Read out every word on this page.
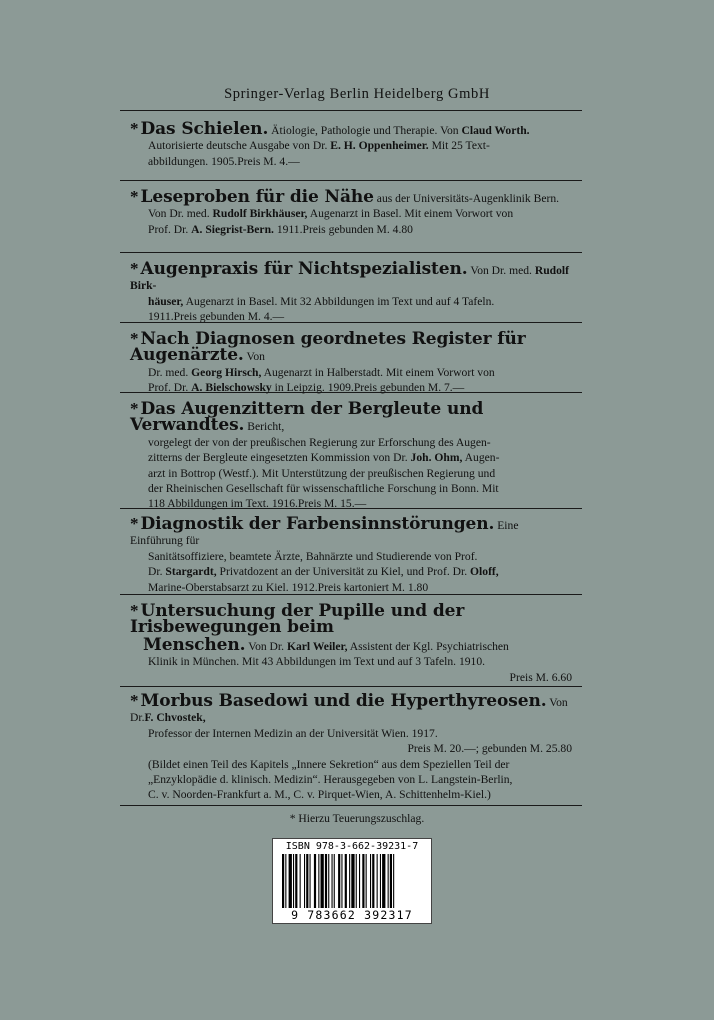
Springer-Verlag Berlin Heidelberg GmbH
* Das Schielen. Ätiologie, Pathologie und Therapie. Von Claud Worth.
Autorisierte deutsche Ausgabe von Dr. E. H. Oppenheimer. Mit 25 Text-
abbildungen. 1905.Preis M. 4.—
* Leseproben für die Nähe aus der Universitäts-Augenklinik Bern.
Von Dr. med. Rudolf Birkhäuser, Augenarzt in Basel. Mit einem Vorwort von
Prof. Dr. A. Siegrist-Bern. 1911.Preis gebunden M. 4.80
* Augenpraxis für Nichtspezialisten. Von Dr. med. Rudolf Birk-
häuser, Augenarzt in Basel. Mit 32 Abbildungen im Text und auf 4 Tafeln.
1911.Preis gebunden M. 4.—
* Nach Diagnosen geordnetes Register für Augenärzte. Von
Dr. med. Georg Hirsch, Augenarzt in Halberstadt. Mit einem Vorwort von
Prof. Dr. A. Bielschowsky in Leipzig. 1909.Preis gebunden M. 7.—
* Das Augenzittern der Bergleute und Verwandtes. Bericht,
vorgelegt der von der preußischen Regierung zur Erforschung des Augen-
zitterns der Bergleute eingesetzten Kommission von Dr. Joh. Ohm, Augen-
arzt in Bottrop (Westf.). Mit Unterstützung der preußischen Regierung und
der Rheinischen Gesellschaft für wissenschaftliche Forschung in Bonn. Mit
118 Abbildungen im Text. 1916.Preis M. 15.—
* Diagnostik der Farbensinnstörungen. Eine Einführung für
Sanitätsoffiziere, beamtete Ärzte, Bahnärzte und Studierende von Prof.
Dr. Stargardt, Privatdozent an der Universität zu Kiel, und Prof. Dr. Oloff,
Marine-Oberstabsarzt zu Kiel. 1912.Preis kartoniert M. 1.80
* Untersuchung der Pupille und der Irisbewegungen beim
Menschen. Von Dr. Karl Weiler, Assistent der Kgl. Psychiatrischen
Klinik in München. Mit 43 Abbildungen im Text und auf 3 Tafeln. 1910.
Preis M. 6.60
* Morbus Basedowi und die Hyperthyreosen. Von Dr.F. Chvostek,
Professor der Internen Medizin an der Universität Wien. 1917.
Preis M. 20.—; gebunden M. 25.80
(Bildet einen Teil des Kapitels „Innere Sekretion“ aus dem Speziellen Teil der
„Enzyklopädie d. klinisch. Medizin“. Herausgegeben von L. Langstein-Berlin,
C. v. Noorden-Frankfurt a. M., C. v. Pirquet-Wien, A. Schittenhelm-Kiel.)
* Hierzu Teuerungszuschlag.
ISBN 978-3-662-39231-7
9 783662 392317
